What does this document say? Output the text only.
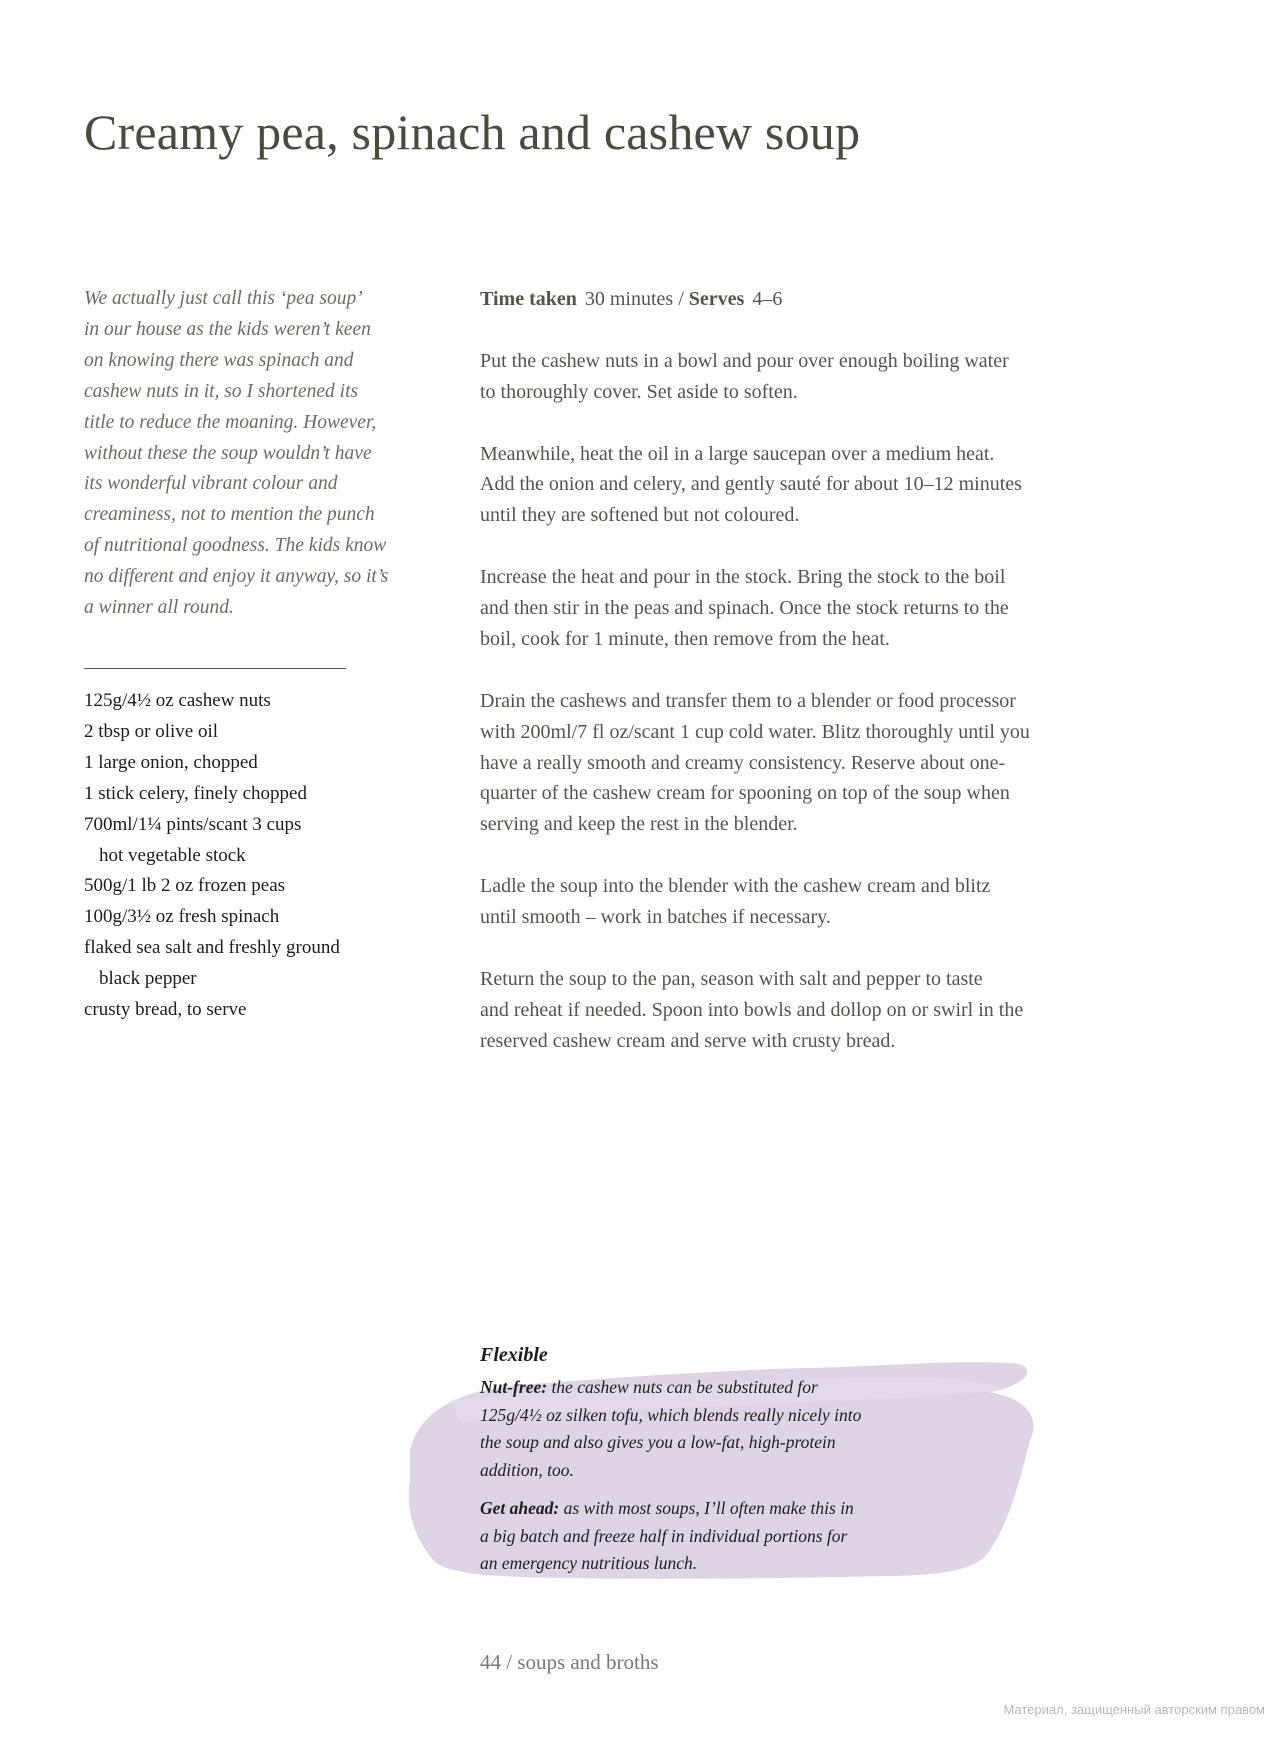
Creamy pea, spinach and cashew soup
We actually just call this ‘pea soup’
in our house as the kids weren’t keen
on knowing there was spinach and
cashew nuts in it, so I shortened its
title to reduce the moaning. However,
without these the soup wouldn’t have
its wonderful vibrant colour and
creaminess, not to mention the punch
of nutritional goodness. The kids know
no different and enjoy it anyway, so it’s
a winner all round.
125g/4½ oz cashew nuts
2 tbsp or olive oil
1 large onion, chopped
1 stick celery, finely chopped
700ml/1¼ pints/scant 3 cups
hot vegetable stock
500g/1 lb 2 oz frozen peas
100g/3½ oz fresh spinach
flaked sea salt and freshly ground
black pepper
crusty bread, to serve

Time taken 30 minutes / Serves 4–6

Put the cashew nuts in a bowl and pour over enough boiling water
to thoroughly cover. Set aside to soften.
Meanwhile, heat the oil in a large saucepan over a medium heat.
Add the onion and celery, and gently sauté for about 10–12 minutes
until they are softened but not coloured.
Increase the heat and pour in the stock. Bring the stock to the boil
and then stir in the peas and spinach. Once the stock returns to the
boil, cook for 1 minute, then remove from the heat.
Drain the cashews and transfer them to a blender or food processor
with 200ml/7 fl oz/scant 1 cup cold water. Blitz thoroughly until you
have a really smooth and creamy consistency. Reserve about one-
quarter of the cashew cream for spooning on top of the soup when
serving and keep the rest in the blender.
Ladle the soup into the blender with the cashew cream and blitz
until smooth – work in batches if necessary.
Return the soup to the pan, season with salt and pepper to taste
and reheat if needed. Spoon into bowls and dollop on or swirl in the
reserved cashew cream and serve with crusty bread.
Flexible

Nut-free: the cashew nuts can be substituted for
125g/4½ oz silken tofu, which blends really nicely into
the soup and also gives you a low-fat, high-protein
addition, too.

Get ahead: as with most soups, I’ll often make this in
a big batch and freeze half in individual portions for
an emergency nutritious lunch.

44 / soups and broths
Материал, защищенный авторским правом
